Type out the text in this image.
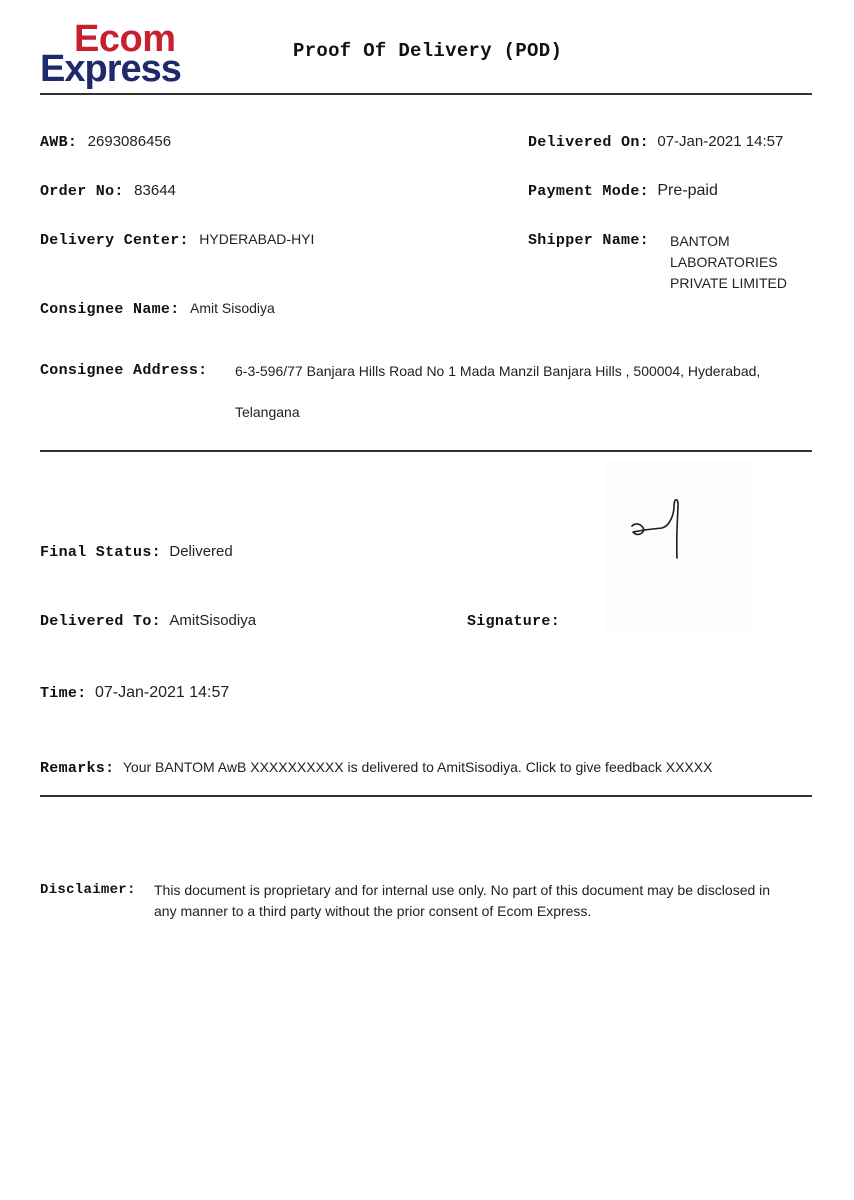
Ecom
Express	Proof Of Delivery (POD)
AWB: 2693086456	Delivered On: 07-Jan-2021 14:57
Order No: 83644	Payment Mode: Pre-paid
Delivery Center: HYDERABAD-HYI	Shipper Name: BANTOM
LABORATORIES
PRIVATE LIMITED
Consignee Name: Amit Sisodiya
Consignee Address: 6-3-596/77 Banjara Hills Road No 1 Mada Manzil Banjara Hills , 500004, Hyderabad,
Telangana
Final Status: Delivered
Delivered To: AmitSisodiya	Signature:
Time: 07-Jan-2021 14:57
Remarks: Your BANTOM AwB XXXXXXXXXX is delivered to AmitSisodiya. Click to give feedback XXXXX
Disclaimer: This document is proprietary and for internal use only. No part of this document may be disclosed in
any manner to a third party without the prior consent of Ecom Express.
